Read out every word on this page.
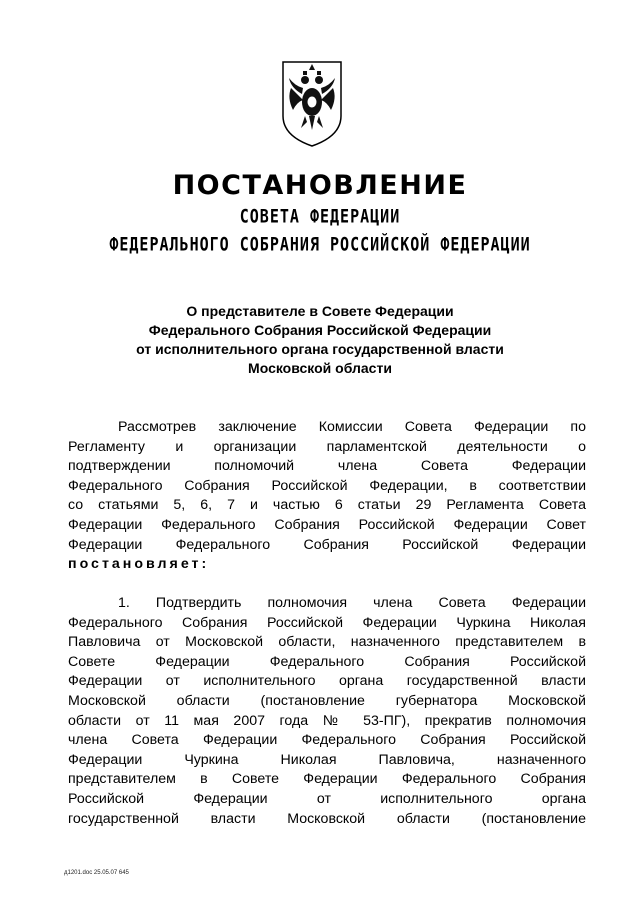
ПОСТАНОВЛЕНИЕ
СОВЕТА ФЕДЕРАЦИИ
ФЕДЕРАЛЬНОГО СОБРАНИЯ РОССИЙСКОЙ ФЕДЕРАЦИИ
О представителе в Совете Федерации
Федерального Собрания Российской Федерации
от исполнительного органа государственной власти
Московской области
Рассмотрев заключение Комиссии Совета Федерации по
Регламенту и организации парламентской деятельности о
подтверждении полномочий члена Совета Федерации
Федерального Собрания Российской Федерации, в соответствии
со статьями 5, 6, 7 и частью 6 статьи 29 Регламента Совета
Федерации Федерального Собрания Российской Федерации Совет
Федерации Федерального Собрания Российской Федерации
постановляет:
1. Подтвердить полномочия члена Совета Федерации
Федерального Собрания Российской Федерации Чуркина Николая
Павловича от Московской области, назначенного представителем в
Совете Федерации Федерального Собрания Российской
Федерации от исполнительного органа государственной власти
Московской области (постановление губернатора Московской
области от 11 мая 2007 года № 53-ПГ), прекратив полномочия
члена Совета Федерации Федерального Собрания Российской
Федерации Чуркина Николая Павловича, назначенного
представителем в Совете Федерации Федерального Собрания
Российской Федерации от исполнительного органа
государственной власти Московской области (постановление
д1201.doc 25.05.07 645
